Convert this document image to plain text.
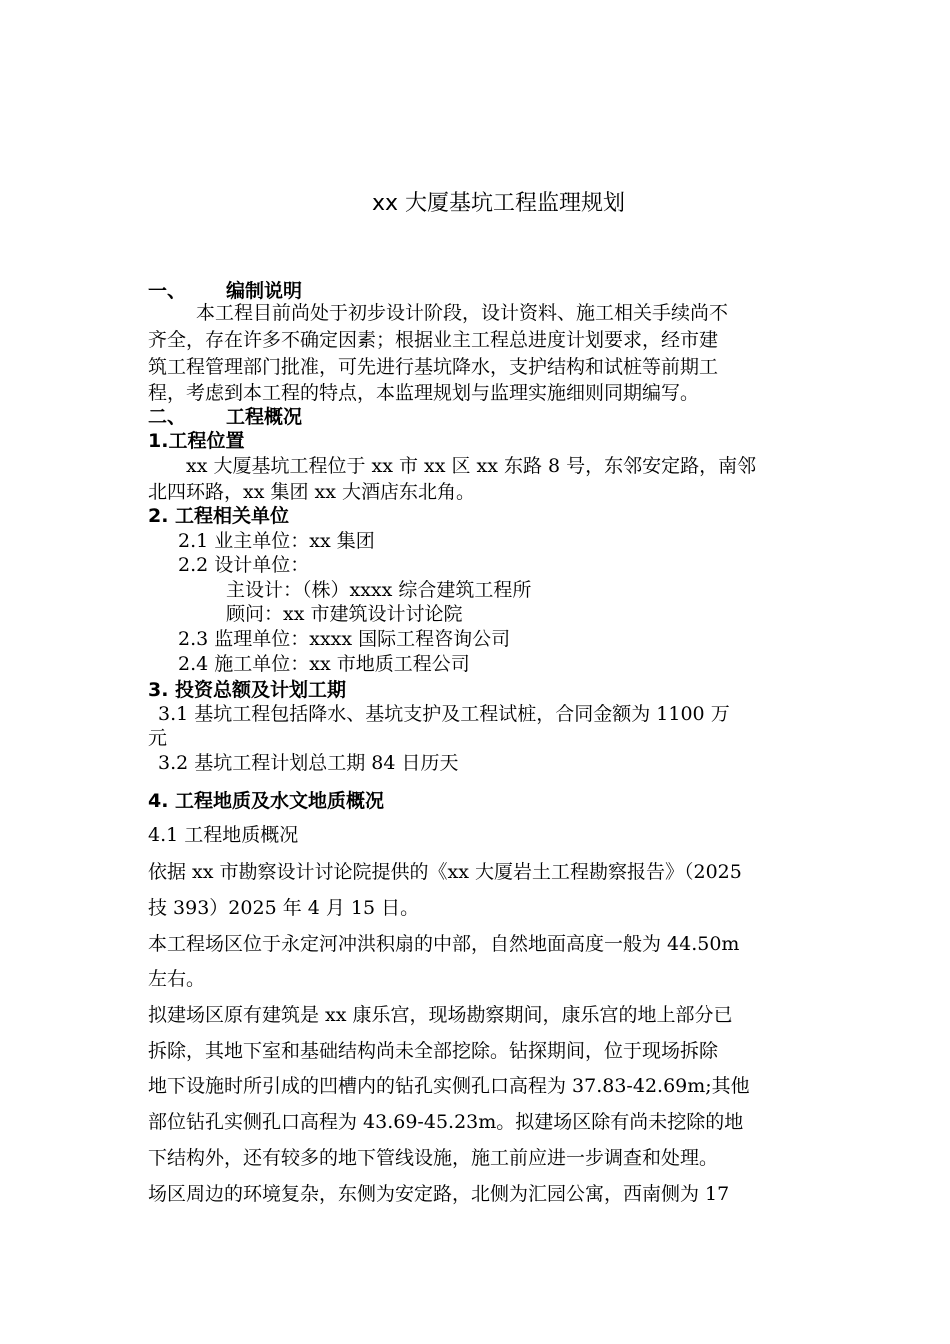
xx 大厦基坑工程监理规划
一、 编制说明
本工程目前尚处于初步设计阶段，设计资料、施工相关手续尚不
齐全，存在许多不确定因素；根据业主工程总进度计划要求，经市建
筑工程管理部门批准，可先进行基坑降水，支护结构和试桩等前期工
程，考虑到本工程的特点，本监理规划与监理实施细则同期编写。
二、 工程概况
1.工程位置
xx 大厦基坑工程位于 xx 市 xx 区 xx 东路 8 号，东邻安定路，南邻
北四环路，xx 集团 xx 大酒店东北角。
2. 工程相关单位
2.1 业主单位：xx 集团
2.2 设计单位：
主设计：（株）xxxx 综合建筑工程所
顾问：xx 市建筑设计讨论院
2.3 监理单位：xxxx 国际工程咨询公司
2.4 施工单位：xx 市地质工程公司
3. 投资总额及计划工期
3.1 基坑工程包括降水、基坑支护及工程试桩，合同金额为 1100 万
元
3.2 基坑工程计划总工期 84 日历天
4. 工程地质及水文地质概况
4.1 工程地质概况
依据 xx 市勘察设计讨论院提供的《xx 大厦岩土工程勘察报告》（2025
技 393）2025 年 4 月 15 日。
本工程场区位于永定河冲洪积扇的中部，自然地面高度一般为 44.50m
左右。
拟建场区原有建筑是 xx 康乐宫，现场勘察期间，康乐宫的地上部分已
拆除，其地下室和基础结构尚未全部挖除。钻探期间，位于现场拆除
地下设施时所引成的凹槽内的钻孔实侧孔口高程为 37.83-42.69m;其他
部位钻孔实侧孔口高程为 43.69-45.23m。拟建场区除有尚未挖除的地
下结构外，还有较多的地下管线设施，施工前应进一步调查和处理。
场区周边的环境复杂，东侧为安定路，北侧为汇园公寓，西南侧为 17
